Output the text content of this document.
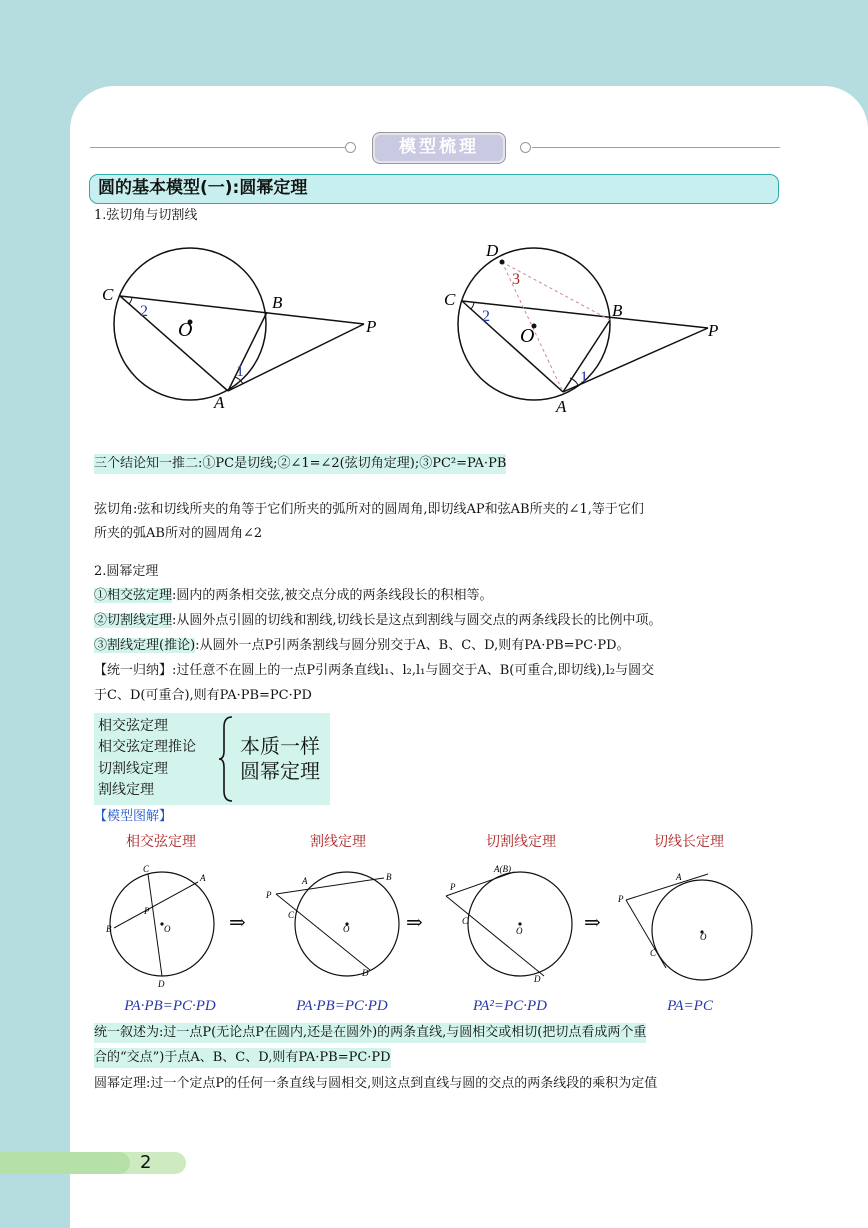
模型梳理
圆的基本模型(一):圆幂定理
1.弦切角与切割线
C	B
O	P
A
1
2
D
C
B
O	P
A
1
2
3
三个结论知一推二:①PC是切线;②∠1=∠2(弦切角定理);③PC²=PA·PB
弦切角:弦和切线所夹的角等于它们所夹的弧所对的圆周角,即切线AP和弦AB所夹的∠1,等于它们
所夹的弧AB所对的圆周角∠2
2.圆幂定理
①相交弦定理:圆内的两条相交弦,被交点分成的两条线段长的积相等。
②切割线定理:从圆外点引圆的切线和割线,切线长是这点到割线与圆交点的两条线段长的比例中项。
③割线定理(推论):从圆外一点P引两条割线与圆分别交于A、B、C、D,则有PA·PB=PC·PD。
【统一归纳】:过任意不在圆上的一点P引两条直线l₁、l₂,l₁与圆交于A、B(可重合,即切线),l₂与圆交
于C、D(可重合),则有PA·PB=PC·PD
相交弦定理
相交弦定理推论
切割线定理
割线定理
本质一样
圆幂定理
【模型图解】
相交弦定理	割线定理	切割线定理	切线长定理
C
A
P
B	O
D
P
A	B
C
O
D
A(B)
P
C
O
D
A
P
C
O
⇒	⇒	⇒
PA·PB=PC·PD	PA·PB=PC·PD	PA²=PC·PD	PA=PC
统一叙述为:过一点P(无论点P在圆内,还是在圆外)的两条直线,与圆相交或相切(把切点看成两个重
合的“交点”)于点A、B、C、D,则有PA·PB=PC·PD
圆幂定理:过一个定点P的任何一条直线与圆相交,则这点到直线与圆的交点的两条线段的乘积为定值
2
